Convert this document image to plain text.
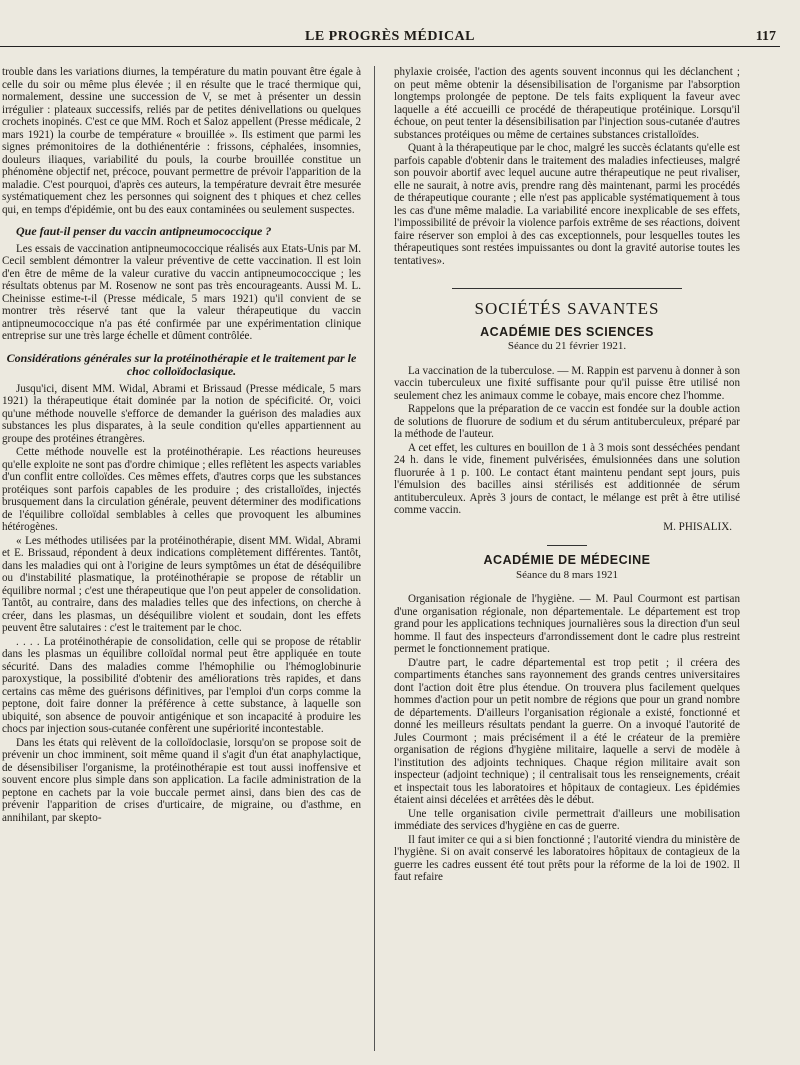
LE PROGRÈS MÉDICAL	117

trouble dans les variations diurnes, la température du matin pouvant être égale à celle du soir ou même plus élevée ; il en résulte que le tracé thermique qui, normalement, dessine une succession de V, se met à présenter un dessin irrégulier : plateaux successifs, reliés par de petites dénivellations ou quelques crochets inopinés. C'est ce que MM. Roch et Saloz appellent (Presse médicale, 2 mars 1921) la courbe de température « brouillée ». Ils estiment que parmi les signes prémonitoires de la dothiénentérie : frissons, céphalées, insomnies, douleurs iliaques, variabilité du pouls, la courbe brouillée constitue un phénomène objectif net, précoce, pouvant permettre de prévoir l'apparition de la maladie. C'est pourquoi, d'après ces auteurs, la température devrait être mesurée systématiquement chez les personnes qui soignent des t phiques et chez celles qui, en temps d'épidémie, ont bu des eaux contaminées ou seulement suspectes.

Que faut-il penser du vaccin antipneumococcique ?

Les essais de vaccination antipneumococcique réalisés aux Etats-Unis par M. Cecil semblent démontrer la valeur préventive de cette vaccination. Il est loin d'en être de même de la valeur curative du vaccin antipneumococcique ; les résultats obtenus par M. Rosenow ne sont pas très encourageants. Aussi M. L. Cheinisse estime-t-il (Presse médicale, 5 mars 1921) qu'il convient de se montrer très réservé tant que la valeur thérapeutique du vaccin antipneumococcique n'a pas été confirmée par une expérimentation clinique entreprise sur une très large échelle et dûment contrôlée.

Considérations générales sur la protéinothérapie et le traitement par le choc colloïdoclasique.

Jusqu'ici, disent MM. Widal, Abrami et Brissaud (Presse médicale, 5 mars 1921) la thérapeutique était dominée par la notion de spécificité. Or, voici qu'une méthode nouvelle s'efforce de demander la guérison des maladies aux substances les plus disparates, à la seule condition qu'elles appartiennent au groupe des protéines étrangères.

Cette méthode nouvelle est la protéinothérapie. Les réactions heureuses qu'elle exploite ne sont pas d'ordre chimique ; elles reflètent les aspects variables d'un conflit entre colloïdes. Ces mêmes effets, d'autres corps que les substances protéiques sont parfois capables de les produire ; des cristalloïdes, injectés brusquement dans la circulation générale, peuvent déterminer des modifications de l'équilibre colloïdal semblables à celles que provoquent les albumines hétérogènes.

« Les méthodes utilisées par la protéinothérapie, disent MM. Widal, Abrami et E. Brissaud, répondent à deux indications complètement différentes. Tantôt, dans les maladies qui ont à l'origine de leurs symptômes un état de déséquilibre ou d'instabilité plasmatique, la protéinothérapie se propose de rétablir un équilibre normal ; c'est une thérapeutique que l'on peut appeler de consolidation. Tantôt, au contraire, dans des maladies telles que des infections, on cherche à créer, dans les plasmas, un déséquilibre violent et soudain, dont les effets peuvent être salutaires : c'est le traitement par le choc.

. . . . La protéinothérapie de consolidation, celle qui se propose de rétablir dans les plasmas un équilibre colloïdal normal peut être appliquée en toute sécurité. Dans des maladies comme l'hémophilie ou l'hémoglobinurie paroxystique, la possibilité d'obtenir des améliorations très rapides, et dans certains cas même des guérisons définitives, par l'emploi d'un corps comme la peptone, doit faire donner la préférence à cette substance, à laquelle son ubiquité, son absence de pouvoir antigénique et son incapacité à produire les chocs par injection sous-cutanée confèrent une supériorité incontestable.

Dans les états qui relèvent de la colloïdoclasie, lorsqu'on se propose soit de prévenir un choc imminent, soit même quand il s'agit d'un état anaphylactique, de désensibiliser l'organisme, la protéinothérapie est tout aussi inoffensive et souvent encore plus simple dans son application. La facile administration de la peptone en cachets par la voie buccale permet ainsi, dans bien des cas de prévenir l'apparition de crises d'urticaire, de migraine, ou d'asthme, en annihilant, par skepto-

phylaxie croisée, l'action des agents souvent inconnus qui les déclanchent ; on peut même obtenir la désensibilisation de l'organisme par l'absorption longtemps prolongée de peptone. De tels faits expliquent la faveur avec laquelle a été accueilli ce procédé de thérapeutique protéinique. Lorsqu'il échoue, on peut tenter la désensibilisation par l'injection sous-cutanée d'autres substances protéiques ou même de certaines substances cristalloïdes.

Quant à la thérapeutique par le choc, malgré les succès éclatants qu'elle est parfois capable d'obtenir dans le traitement des maladies infectieuses, malgré son pouvoir abortif avec lequel aucune autre thérapeutique ne peut rivaliser, elle ne saurait, à notre avis, prendre rang dès maintenant, parmi les procédés de thérapeutique courante ; elle n'est pas applicable systématiquement à tous les cas d'une même maladie. La variabilité encore inexplicable de ses effets, l'impossibilité de prévoir la violence parfois extrême de ses réactions, doivent faire réserver son emploi à des cas exceptionnels, pour lesquelles toutes les thérapeutiques sont restées impuissantes ou dont la gravité autorise toutes les tentatives».

SOCIÉTÉS SAVANTES
ACADÉMIE DES SCIENCES
Séance du 21 février 1921.

La vaccination de la tuberculose. — M. Rappin est parvenu à donner à son vaccin tuberculeux une fixité suffisante pour qu'il puisse être utilisé non seulement chez les animaux comme le cobaye, mais encore chez l'homme.

Rappelons que la préparation de ce vaccin est fondée sur la double action de solutions de fluorure de sodium et du sérum antituberculeux, préparé par la méthode de l'auteur.

A cet effet, les cultures en bouillon de 1 à 3 mois sont desséchées pendant 24 h. dans le vide, finement pulvérisées, émulsionnées dans une solution fluorurée à 1 p. 100. Le contact étant maintenu pendant sept jours, puis l'émulsion des bacilles ainsi stérilisés est additionnée de sérum antituberculeux. Après 3 jours de contact, le mélange est prêt à être utilisé comme vaccin.

M. PHISALIX.
ACADÉMIE DE MÉDECINE
Séance du 8 mars 1921

Organisation régionale de l'hygiène. — M. Paul Courmont est partisan d'une organisation régionale, non départementale. Le département est trop grand pour les applications techniques journalières sous la direction d'un seul homme. Il faut des inspecteurs d'arrondissement dont le cadre plus restreint permet le fonctionnement pratique.

D'autre part, le cadre départemental est trop petit ; il créera des compartiments étanches sans rayonnement des grands centres universitaires dont l'action doit être plus étendue. On trouvera plus facilement quelques hommes d'action pour un petit nombre de régions que pour un grand nombre de départements. D'ailleurs l'organisation régionale a existé, fonctionné et donné les meilleurs résultats pendant la guerre. On a invoqué l'autorité de Jules Courmont ; mais précisément il a été le créateur de la première organisation de régions d'hygiène militaire, laquelle a servi de modèle à l'institution des adjoints techniques. Chaque région militaire avait son inspecteur (adjoint technique) ; il centralisait tous les renseignements, créait et inspectait tous les laboratoires et hôpitaux de contagieux. Les épidémies étaient ainsi décelées et arrêtées dès le début.

Une telle organisation civile permettrait d'ailleurs une mobilisation immédiate des services d'hygiène en cas de guerre.

Il faut imiter ce qui a si bien fonctionné ; l'autorité viendra du ministère de l'hygiène. Si on avait conservé les laboratoires hôpitaux de contagieux de la guerre les cadres eussent été tout prêts pour la réforme de la loi de 1902. Il faut refaire
